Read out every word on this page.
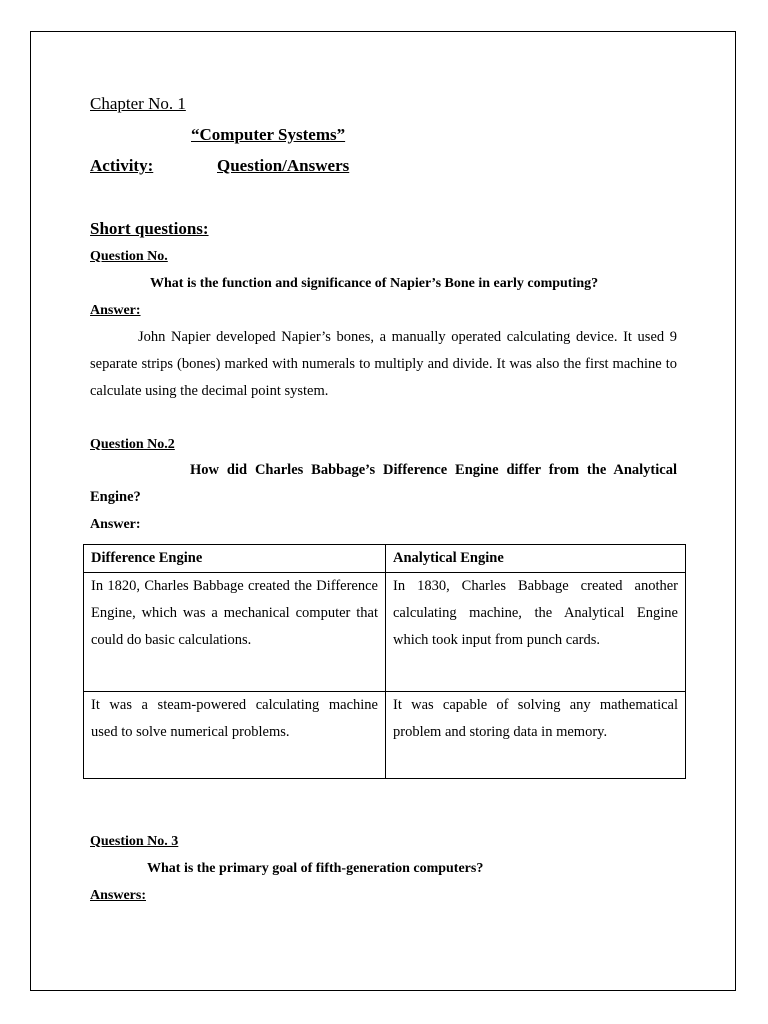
Chapter No. 1
“Computer Systems”
Activity:	Question/Answers
Short questions:
Question No.
What is the function and significance of Napier’s Bone in early computing?
Answer:
John Napier developed Napier’s bones, a manually operated calculating device. It used 9 separate strips (bones) marked with numerals to multiply and divide. It was also the first machine to calculate using the decimal point system.
Question No.2
How did Charles Babbage’s Difference Engine differ from the Analytical Engine?
Answer:
Difference Engine	Analytical Engine
In 1820, Charles Babbage created the Difference Engine, which was a mechanical computer that could do basic calculations.	In 1830, Charles Babbage created another calculating machine, the Analytical Engine which took input from punch cards.
It was a steam-powered calculating machine used to solve numerical problems.	It was capable of solving any mathematical problem and storing data in memory.
Question No. 3
What is the primary goal of fifth-generation computers?
Answers:
